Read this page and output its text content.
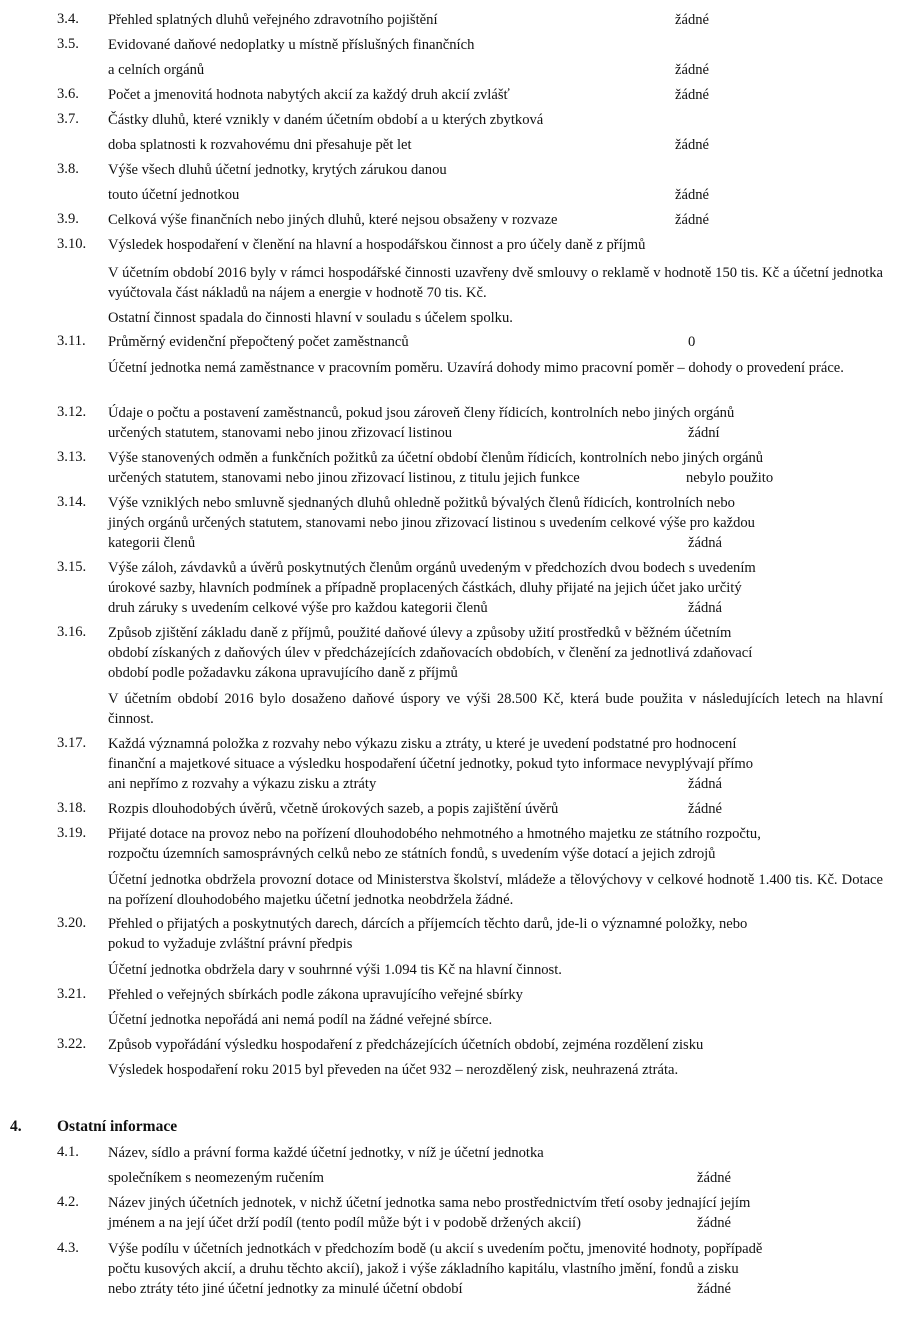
3.4. Přehled splatných dluhů veřejného zdravotního pojištění	žádné
3.5. Evidované daňové nedoplatky u místně příslušných finančních
a celních orgánů	žádné
3.6. Počet a jmenovitá hodnota nabytých akcií za každý druh akcií zvlášť	žádné
3.7. Částky dluhů, které vznikly v daném účetním období a u kterých zbytková
doba splatnosti k rozvahovému dni přesahuje pět let	žádné
3.8. Výše všech dluhů účetní jednotky, krytých zárukou danou
touto účetní jednotkou	žádné
3.9. Celková výše finančních nebo jiných dluhů, které nejsou obsaženy v rozvaze	žádné
3.10. Výsledek hospodaření v členění na hlavní a hospodářskou činnost a pro účely daně z příjmů
V účetním období 2016 byly v rámci hospodářské činnosti uzavřeny dvě smlouvy o reklamě v hodnotě 150 tis. Kč a účetní jednotka vyúčtovala část nákladů na nájem a energie v hodnotě 70 tis. Kč.
Ostatní činnost spadala do činnosti hlavní v souladu s účelem spolku.
3.11. Průměrný evidenční přepočtený počet zaměstnanců	0
Účetní jednotka nemá zaměstnance v pracovním poměru. Uzavírá dohody mimo pracovní poměr – dohody o provedení práce.
3.12. Údaje o počtu a postavení zaměstnanců, pokud jsou zároveň členy řídicích, kontrolních nebo jiných orgánů
určených statutem, stanovami nebo jinou zřizovací listinou	žádní
3.13. Výše stanovených odměn a funkčních požitků za účetní období členům řídicích, kontrolních nebo jiných orgánů
určených statutem, stanovami nebo jinou zřizovací listinou, z titulu jejich funkce	nebylo použito
3.14. Výše vzniklých nebo smluvně sjednaných dluhů ohledně požitků bývalých členů řídicích, kontrolních nebo
jiných orgánů určených statutem, stanovami nebo jinou zřizovací listinou s uvedením celkové výše pro každou
kategorii členů	žádná
3.15. Výše záloh, závdavků a úvěrů poskytnutých členům orgánů uvedeným v předchozích dvou bodech s uvedením
úrokové sazby, hlavních podmínek a případně proplacených částkách, dluhy přijaté na jejich účet jako určitý
druh záruky s uvedením celkové výše pro každou kategorii členů	žádná
3.16. Způsob zjištění základu daně z příjmů, použité daňové úlevy a způsoby užití prostředků v běžném účetním
období získaných z daňových úlev v předcházejících zdaňovacích obdobích, v členění za jednotlivá zdaňovací
období podle požadavku zákona upravujícího daně z příjmů
V účetním období 2016 bylo dosaženo daňové úspory ve výši 28.500 Kč, která bude použita v následujících letech na hlavní činnost.
3.17. Každá významná položka z rozvahy nebo výkazu zisku a ztráty, u které je uvedení podstatné pro hodnocení
finanční a majetkové situace a výsledku hospodaření účetní jednotky, pokud tyto informace nevyplývají přímo
ani nepřímo z rozvahy a výkazu zisku a ztráty	žádná
3.18. Rozpis dlouhodobých úvěrů, včetně úrokových sazeb, a popis zajištění úvěrů	žádné
3.19. Přijaté dotace na provoz nebo na pořízení dlouhodobého nehmotného a hmotného majetku ze státního rozpočtu,
rozpočtu územních samosprávných celků nebo ze státních fondů, s uvedením výše dotací a jejich zdrojů
Účetní jednotka obdržela provozní dotace od Ministerstva školství, mládeže a tělovýchovy v celkové hodnotě 1.400 tis. Kč. Dotace na pořízení dlouhodobého majetku účetní jednotka neobdržela žádné.
3.20. Přehled o přijatých a poskytnutých darech, dárcích a příjemcích těchto darů, jde-li o významné položky, nebo
pokud to vyžaduje zvláštní právní předpis
Účetní jednotka obdržela dary v souhrnné výši 1.094 tis Kč na hlavní činnost.
3.21. Přehled o veřejných sbírkách podle zákona upravujícího veřejné sbírky
Účetní jednotka nepořádá ani nemá podíl na žádné veřejné sbírce.
3.22. Způsob vypořádání výsledku hospodaření z předcházejících účetních období, zejména rozdělení zisku
Výsledek hospodaření roku 2015 byl převeden na účet 932 – nerozdělený zisk, neuhrazená ztráta.
4. Ostatní informace
4.1. Název, sídlo a právní forma každé účetní jednotky, v níž je účetní jednotka
společníkem s neomezeným ručením	žádné
4.2. Název jiných účetních jednotek, v nichž účetní jednotka sama nebo prostřednictvím třetí osoby jednající jejím
jménem a na její účet drží podíl (tento podíl může být i v podobě držených akcií)	žádné
4.3. Výše podílu v účetních jednotkách v předchozím bodě (u akcií s uvedením počtu, jmenovité hodnoty, popřípadě
počtu kusových akcií, a druhu těchto akcií), jakož i výše základního kapitálu, vlastního jmění, fondů a zisku
nebo ztráty této jiné účetní jednotky za minulé účetní období	žádné
